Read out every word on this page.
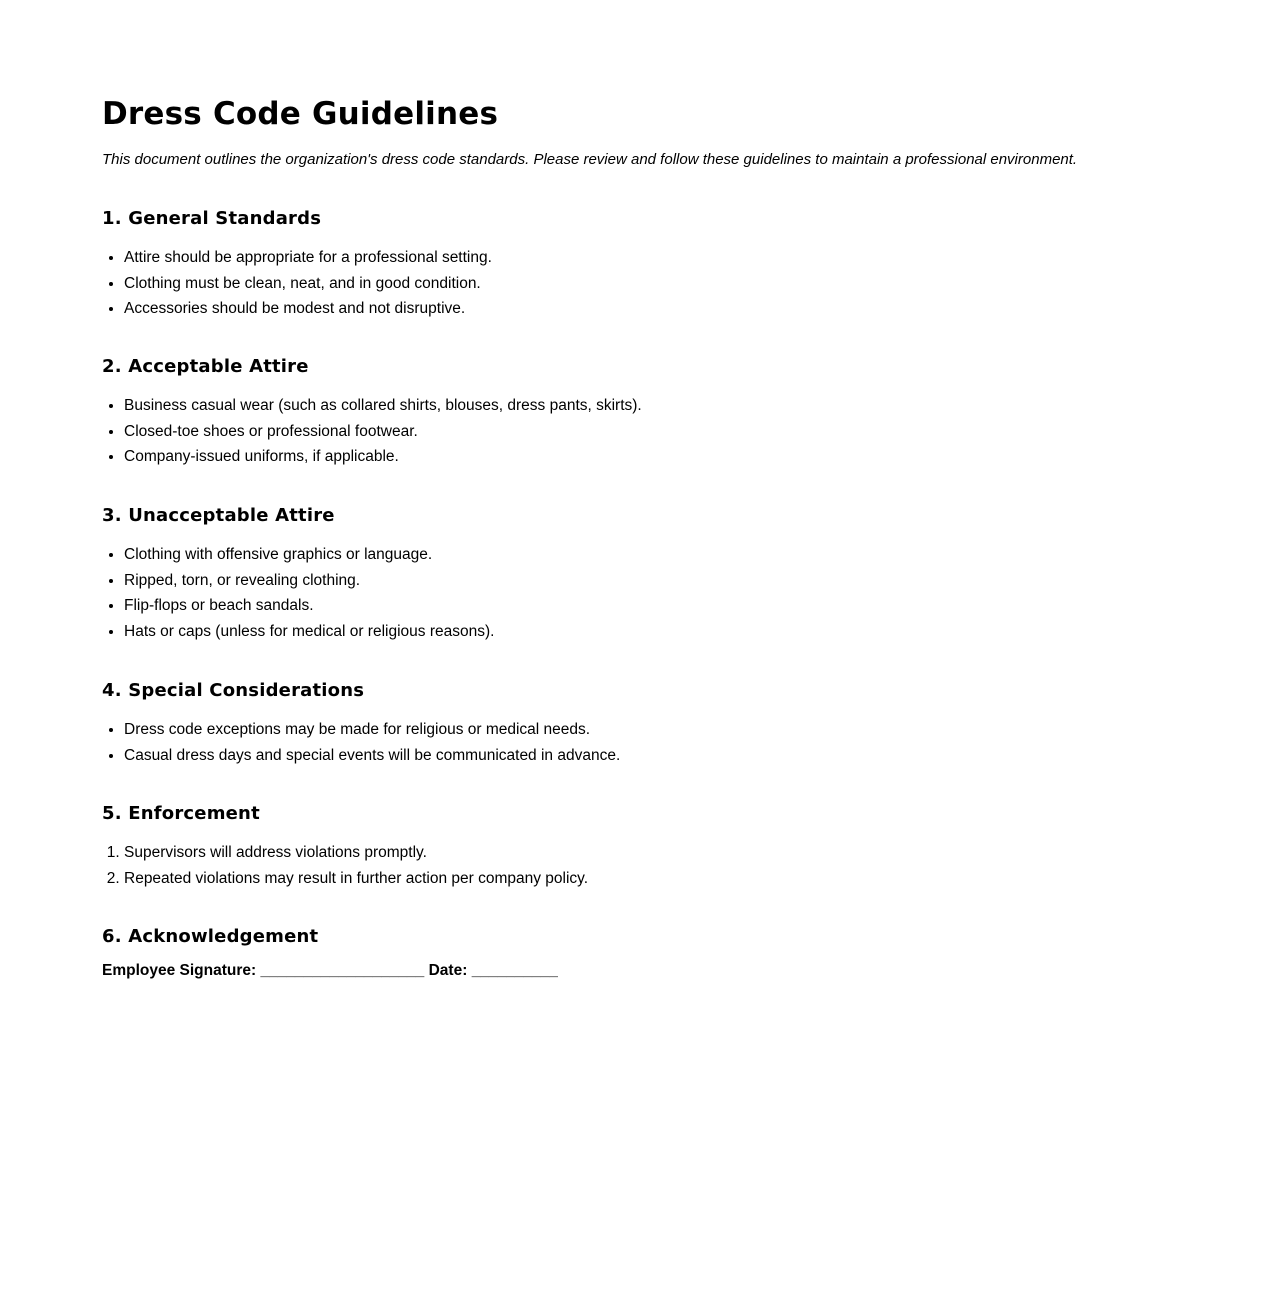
Dress Code Guidelines

This document outlines the organization's dress code standards. Please review and follow these guidelines to maintain a professional environment.

1. General Standards
• Attire should be appropriate for a professional setting.
• Clothing must be clean, neat, and in good condition.
• Accessories should be modest and not disruptive.
2. Acceptable Attire
• Business casual wear (such as collared shirts, blouses, dress pants, skirts).
• Closed-toe shoes or professional footwear.
• Company-issued uniforms, if applicable.
3. Unacceptable Attire
• Clothing with offensive graphics or language.
• Ripped, torn, or revealing clothing.
• Flip-flops or beach sandals.
• Hats or caps (unless for medical or religious reasons).
4. Special Considerations
• Dress code exceptions may be made for religious or medical needs.
• Casual dress days and special events will be communicated in advance.
5. Enforcement
1. Supervisors will address violations promptly.
2. Repeated violations may result in further action per company policy.
6. Acknowledgement

Employee Signature: ___________________ Date: __________
